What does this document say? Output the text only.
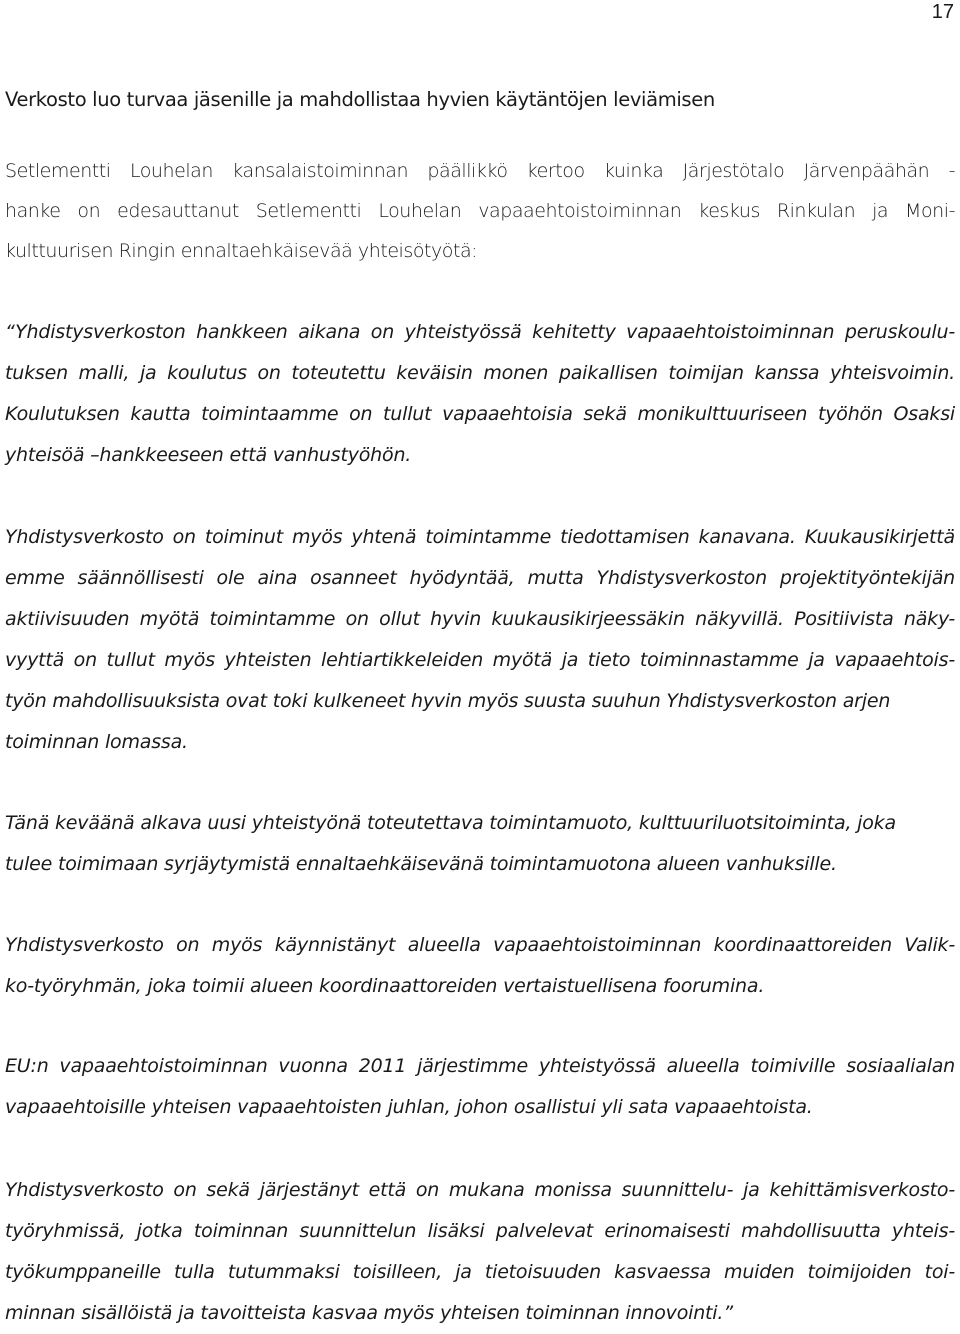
17
Verkosto luo turvaa jäsenille ja mahdollistaa hyvien käytäntöjen leviämisen
Setlementti Louhelan kansalaistoiminnan päällikkö kertoo kuinka Järjestötalo Järvenpäähän -
hanke on edesauttanut Setlementti Louhelan vapaaehtoistoiminnan keskus Rinkulan ja Moni-
kulttuurisen Ringin ennaltaehkäisevää yhteisötyötä:
“Yhdistysverkoston hankkeen aikana on yhteistyössä kehitetty vapaaehtoistoiminnan peruskoulu-
tuksen malli, ja koulutus on toteutettu keväisin monen paikallisen toimijan kanssa yhteisvoimin.
Koulutuksen kautta toimintaamme on tullut vapaaehtoisia sekä monikulttuuriseen työhön Osaksi
yhteisöä –hankkeeseen että vanhustyöhön.
Yhdistysverkosto on toiminut myös yhtenä toimintamme tiedottamisen kanavana. Kuukausikirjettä
emme säännöllisesti ole aina osanneet hyödyntää, mutta Yhdistysverkoston projektityöntekijän
aktiivisuuden myötä toimintamme on ollut hyvin kuukausikirjeessäkin näkyvillä. Positiivista näky-
vyyttä on tullut myös yhteisten lehtiartikkeleiden myötä ja tieto toiminnastamme ja vapaaehtois-
työn mahdollisuuksista ovat toki kulkeneet hyvin myös suusta suuhun Yhdistysverkoston arjen
toiminnan lomassa.
Tänä keväänä alkava uusi yhteistyönä toteutettava toimintamuoto, kulttuuriluotsitoiminta, joka
tulee toimimaan syrjäytymistä ennaltaehkäisevänä toimintamuotona alueen vanhuksille.
Yhdistysverkosto on myös käynnistänyt alueella vapaaehtoistoiminnan koordinaattoreiden Valik-
ko-työryhmän, joka toimii alueen koordinaattoreiden vertaistuellisena foorumina.
EU:n vapaaehtoistoiminnan vuonna 2011 järjestimme yhteistyössä alueella toimiville sosiaalialan
vapaaehtoisille yhteisen vapaaehtoisten juhlan, johon osallistui yli sata vapaaehtoista.
Yhdistysverkosto on sekä järjestänyt että on mukana monissa suunnittelu- ja kehittämisverkosto-
työryhmissä, jotka toiminnan suunnittelun lisäksi palvelevat erinomaisesti mahdollisuutta yhteis-
työkumppaneille tulla tutummaksi toisilleen, ja tietoisuuden kasvaessa muiden toimijoiden toi-
minnan sisällöistä ja tavoitteista kasvaa myös yhteisen toiminnan innovointi.”
